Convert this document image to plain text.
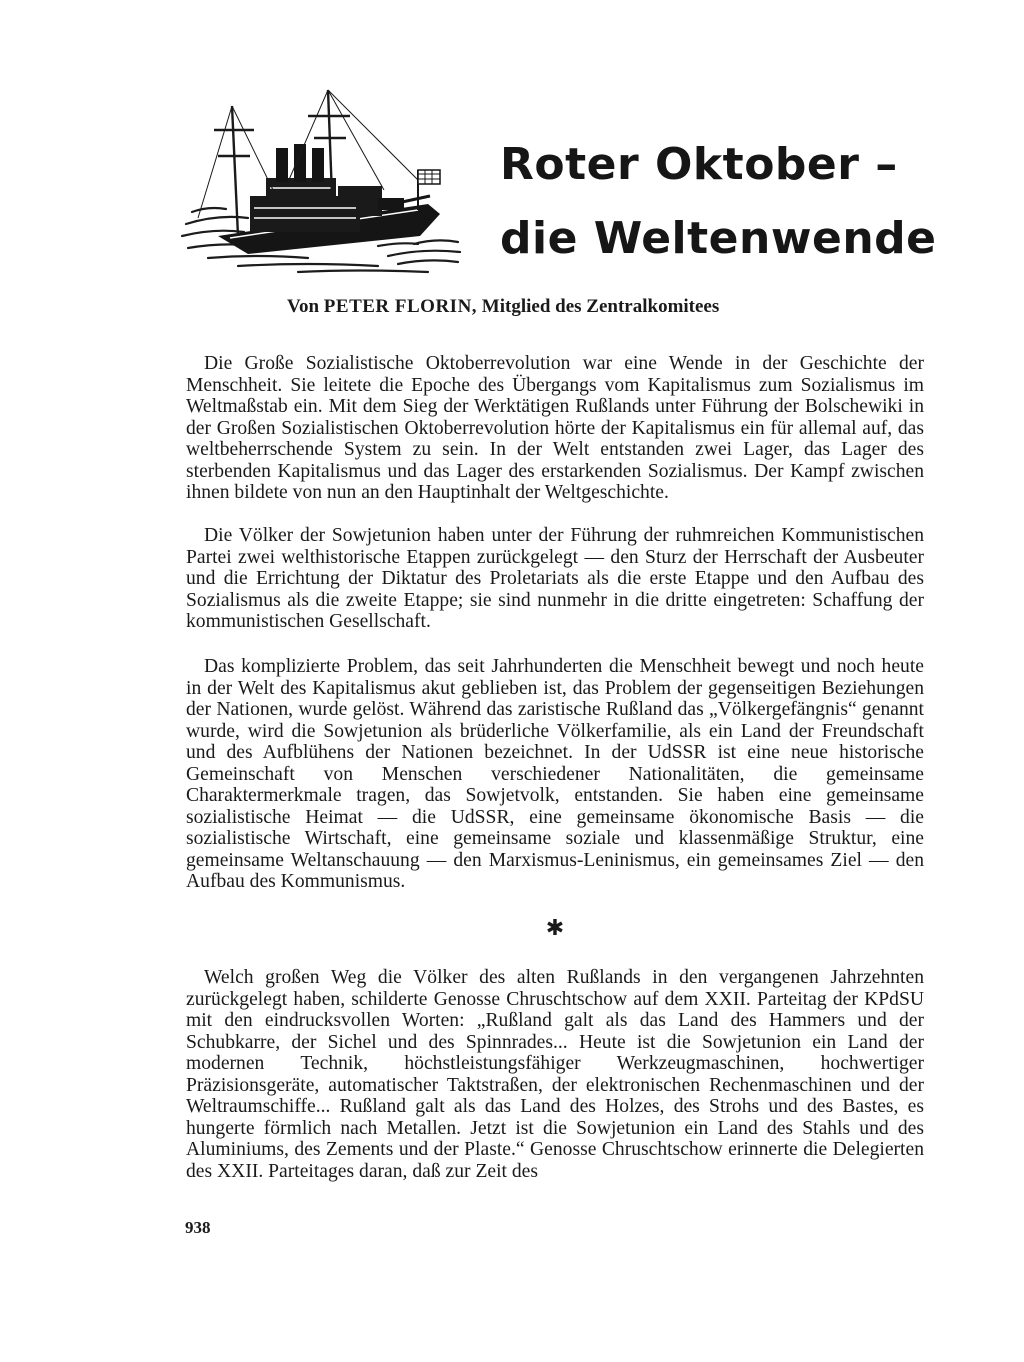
Roter Oktober –
die Weltenwende

Von PETER FLORIN, Mitglied des Zentralkomitees

Die Große Sozialistische Oktoberrevolution war eine Wende in der Geschichte der Menschheit. Sie leitete die Epoche des Übergangs vom Kapitalismus zum Sozialismus im Weltmaßstab ein. Mit dem Sieg der Werktätigen Rußlands unter Führung der Bolschewiki in der Großen Sozialistischen Oktoberrevolution hörte der Kapitalismus ein für allemal auf, das weltbeherrschende System zu sein. In der Welt entstanden zwei Lager, das Lager des sterbenden Kapitalismus und das Lager des erstarkenden Sozialismus. Der Kampf zwischen ihnen bildete von nun an den Hauptinhalt der Weltgeschichte.

Die Völker der Sowjetunion haben unter der Führung der ruhmreichen Kommunistischen Partei zwei welthistorische Etappen zurückgelegt — den Sturz der Herrschaft der Ausbeuter und die Errichtung der Diktatur des Proletariats als die erste Etappe und den Aufbau des Sozialismus als die zweite Etappe; sie sind nunmehr in die dritte eingetreten: Schaffung der kommunistischen Gesellschaft.

Das komplizierte Problem, das seit Jahrhunderten die Menschheit bewegt und noch heute in der Welt des Kapitalismus akut geblieben ist, das Problem der gegenseitigen Beziehungen der Nationen, wurde gelöst. Während das zaristische Rußland das „Völkergefängnis“ genannt wurde, wird die Sowjetunion als brüderliche Völkerfamilie, als ein Land der Freundschaft und des Aufblühens der Nationen bezeichnet. In der UdSSR ist eine neue historische Gemeinschaft von Menschen verschiedener Nationalitäten, die gemeinsame Charaktermerkmale tragen, das Sowjetvolk, entstanden. Sie haben eine gemeinsame sozialistische Heimat — die UdSSR, eine gemeinsame ökonomische Basis — die sozialistische Wirtschaft, eine gemeinsame soziale und klassenmäßige Struktur, eine gemeinsame Weltanschauung — den Marxismus-Leninismus, ein gemeinsames Ziel — den Aufbau des Kommunismus.

✱

Welch großen Weg die Völker des alten Rußlands in den vergangenen Jahrzehnten zurückgelegt haben, schilderte Genosse Chruschtschow auf dem XXII. Parteitag der KPdSU mit den eindrucksvollen Worten: „Rußland galt als das Land des Hammers und der Schubkarre, der Sichel und des Spinnrades... Heute ist die Sowjetunion ein Land der modernen Technik, höchstleistungsfähiger Werkzeugmaschinen, hochwertiger Präzisionsgeräte, automatischer Taktstraßen, der elektronischen Rechenmaschinen und der Weltraumschiffe... Rußland galt als das Land des Holzes, des Strohs und des Bastes, es hungerte förmlich nach Metallen. Jetzt ist die Sowjetunion ein Land des Stahls und des Aluminiums, des Zements und der Plaste.“ Genosse Chruschtschow erinnerte die Delegierten des XXII. Parteitages daran, daß zur Zeit des

938
